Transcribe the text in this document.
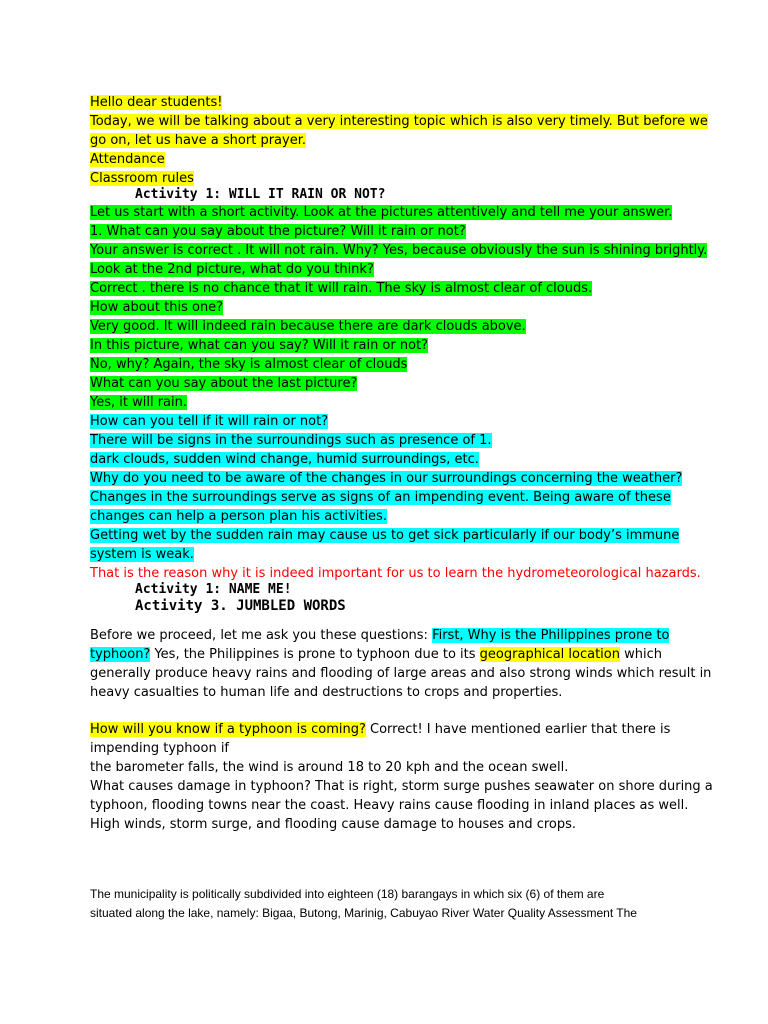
Hello dear students!
Today, we will be talking about a very interesting topic which is also very timely. But before we
go on, let us have a short prayer.
Attendance
Classroom rules
Activity 1: WILL IT RAIN OR NOT?
Let us start with a short activity. Look at the pictures attentively and tell me your answer.
1. What can you say about the picture? Will it rain or not?
Your answer is correct . It will not rain. Why? Yes, because obviously the sun is shining brightly.
Look at the 2nd picture, what do you think?
Correct . there is no chance that it will rain. The sky is almost clear of clouds.
How about this one?
Very good. It will indeed rain because there are dark clouds above.
In this picture, what can you say? Will it rain or not?
No, why? Again, the sky is almost clear of clouds
What can you say about the last picture?
Yes, it will rain.
How can you tell if it will rain or not?
There will be signs in the surroundings such as presence of 1.
dark clouds, sudden wind change, humid surroundings, etc.
Why do you need to be aware of the changes in our surroundings concerning the weather?
Changes in the surroundings serve as signs of an impending event. Being aware of these
changes can help a person plan his activities.
Getting wet by the sudden rain may cause us to get sick particularly if our body’s immune
system is weak.
That is the reason why it is indeed important for us to learn the hydrometeorological hazards.
Activity 1: NAME ME!
Activity 3. JUMBLED WORDS
Before we proceed, let me ask you these questions: First, Why is the Philippines prone to
typhoon? Yes, the Philippines is prone to typhoon due to its geographical location which
generally produce heavy rains and flooding of large areas and also strong winds which result in
heavy casualties to human life and destructions to crops and properties.
How will you know if a typhoon is coming? Correct! I have mentioned earlier that there is
impending typhoon if
the barometer falls, the wind is around 18 to 20 kph and the ocean swell.
What causes damage in typhoon? That is right, storm surge pushes seawater on shore during a
typhoon, flooding towns near the coast. Heavy rains cause flooding in inland places as well.
High winds, storm surge, and flooding cause damage to houses and crops.
The municipality is politically subdivided into eighteen (18) barangays in which six (6) of them are
situated along the lake, namely: Bigaa, Butong, Marinig, Cabuyao River Water Quality Assessment The
